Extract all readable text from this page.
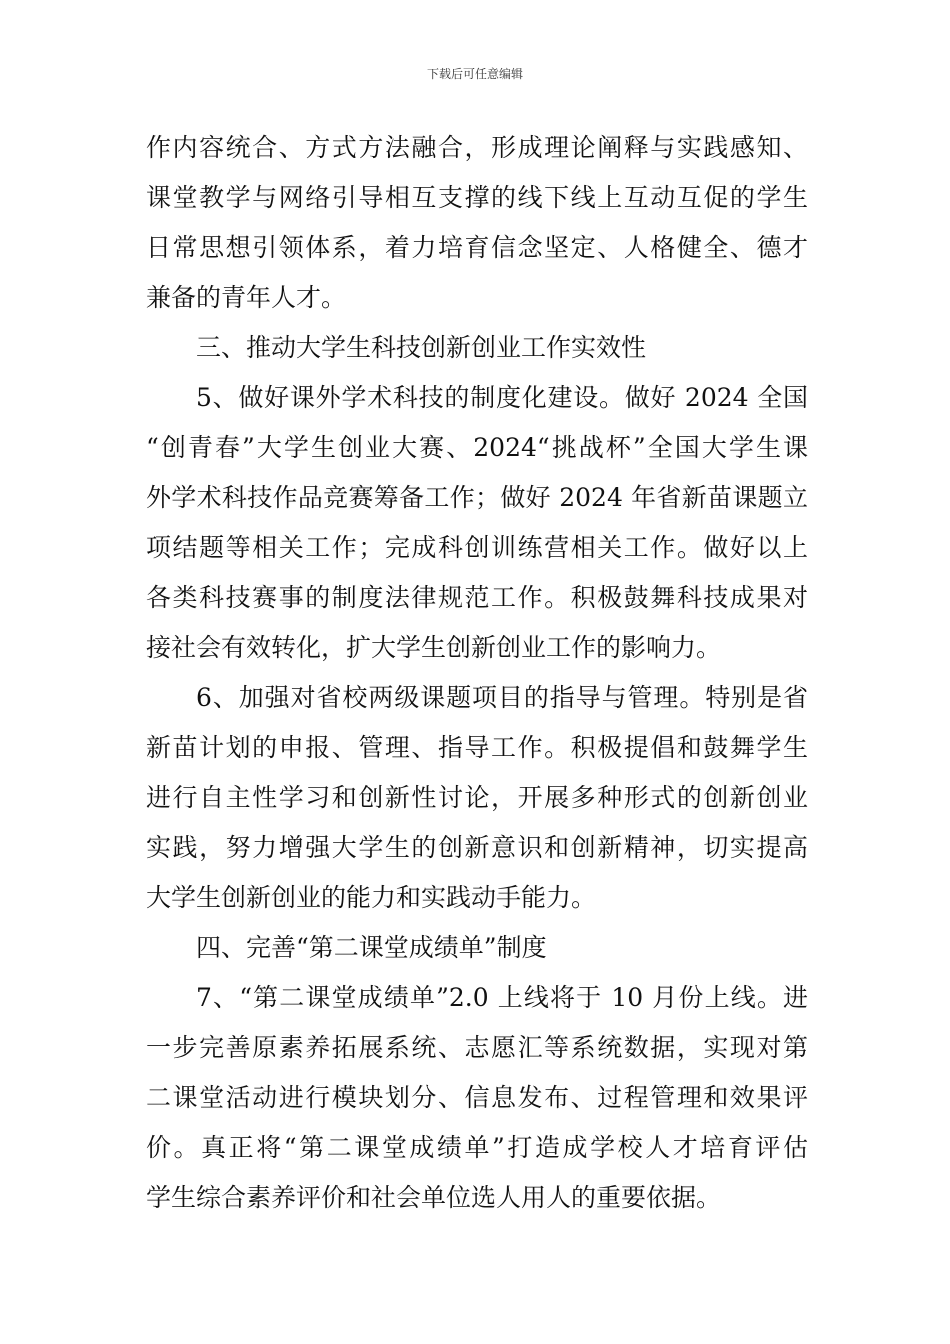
下载后可任意编辑
作内容统合、方式方法融合，形成理论阐释与实践感知、
课堂教学与网络引导相互支撑的线下线上互动互促的学生
日常思想引领体系，着力培育信念坚定、人格健全、德才
兼备的青年人才。
三、推动大学生科技创新创业工作实效性
5、做好课外学术科技的制度化建设。做好 2024 全国
“创青春”大学生创业大赛、2024“挑战杯”全国大学生课
外学术科技作品竞赛筹备工作；做好 2024 年省新苗课题立
项结题等相关工作；完成科创训练营相关工作。做好以上
各类科技赛事的制度法律规范工作。积极鼓舞科技成果对
接社会有效转化，扩大学生创新创业工作的影响力。
6、加强对省校两级课题项目的指导与管理。特别是省
新苗计划的申报、管理、指导工作。积极提倡和鼓舞学生
进行自主性学习和创新性讨论，开展多种形式的创新创业
实践，努力增强大学生的创新意识和创新精神，切实提高
大学生创新创业的能力和实践动手能力。
四、完善“第二课堂成绩单”制度
7、“第二课堂成绩单”2.0 上线将于 10 月份上线。进
一步完善原素养拓展系统、志愿汇等系统数据，实现对第
二课堂活动进行模块划分、信息发布、过程管理和效果评
价。真正将“第二课堂成绩单”打造成学校人才培育评估
学生综合素养评价和社会单位选人用人的重要依据。
